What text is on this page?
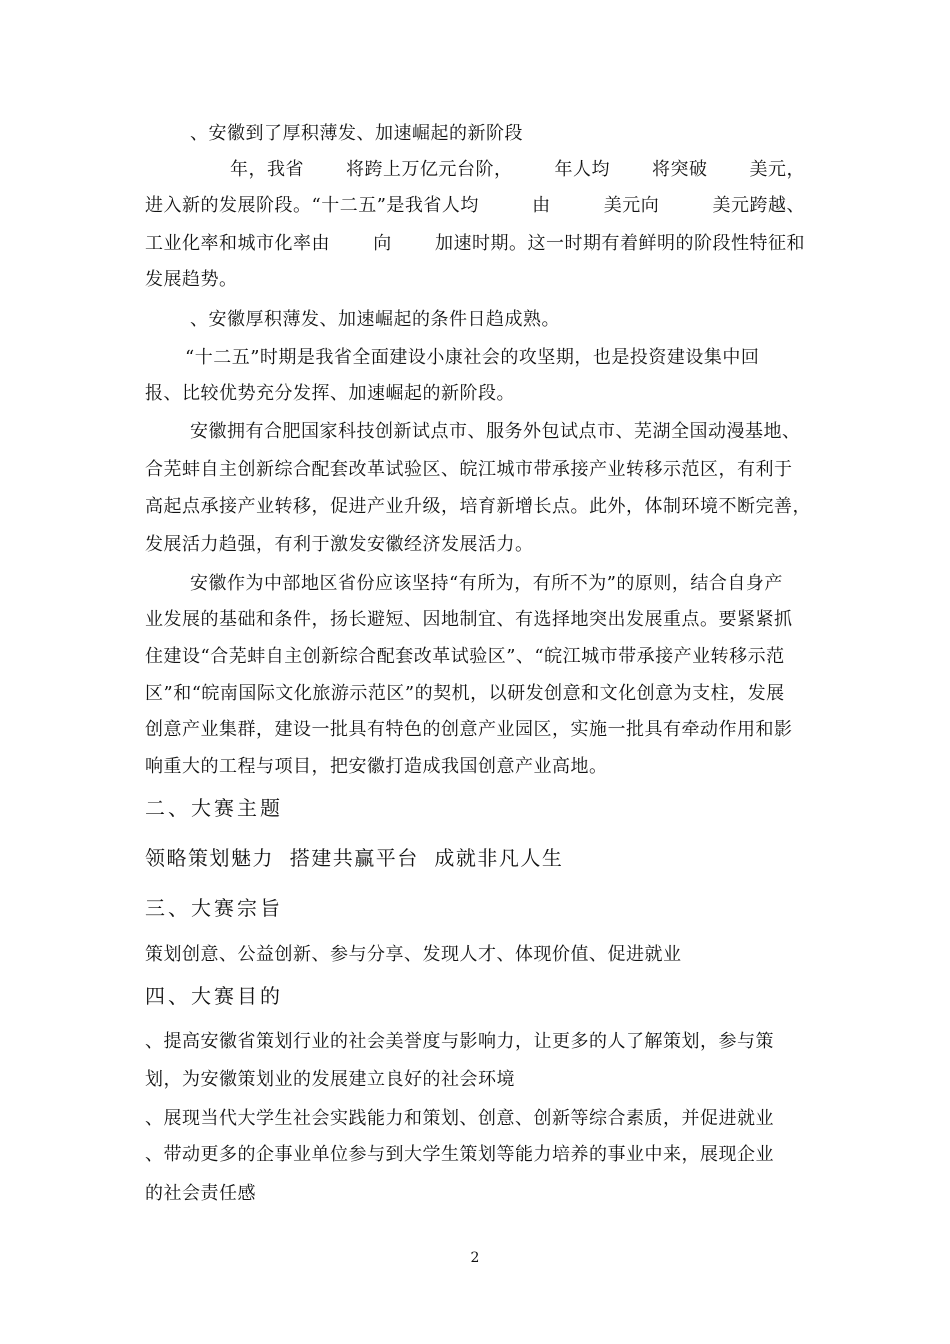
、安徽到了厚积薄发、加速崛起的新阶段
年，我省 将跨上万亿元台阶， 年人均 将突破 美元，
进入新的发展阶段。“十二五”是我省人均	由	美元向	美元跨越、
工业化率和城市化率由 向 加速时期。这一时期有着鲜明的阶段性特征和
发展趋势。
、安徽厚积薄发、加速崛起的条件日趋成熟。
“十二五”时期是我省全面建设小康社会的攻坚期，也是投资建设集中回
报、比较优势充分发挥、加速崛起的新阶段。
安徽拥有合肥国家科技创新试点市、服务外包试点市、芜湖全国动漫基地、
合芜蚌自主创新综合配套改革试验区、皖江城市带承接产业转移示范区，有利于
高起点承接产业转移，促进产业升级，培育新增长点。此外，体制环境不断完善，
发展活力趋强，有利于激发安徽经济发展活力。
安徽作为中部地区省份应该坚持“有所为，有所不为”的原则，结合自身产
业发展的基础和条件，扬长避短、因地制宜、有选择地突出发展重点。要紧紧抓
住建设“合芜蚌自主创新综合配套改革试验区”、“皖江城市带承接产业转移示范
区”和“皖南国际文化旅游示范区”的契机，以研发创意和文化创意为支柱，发展
创意产业集群，建设一批具有特色的创意产业园区，实施一批具有牵动作用和影
响重大的工程与项目，把安徽打造成我国创意产业高地。
二、大赛主题
领略策划魅力  搭建共赢平台  成就非凡人生
三、大赛宗旨
策划创意、公益创新、参与分享、发现人才、体现价值、促进就业
四、大赛目的
、提高安徽省策划行业的社会美誉度与影响力，让更多的人了解策划，参与策
划，为安徽策划业的发展建立良好的社会环境
、展现当代大学生社会实践能力和策划、创意、创新等综合素质，并促进就业
、带动更多的企事业单位参与到大学生策划等能力培养的事业中来，展现企业
的社会责任感
2
